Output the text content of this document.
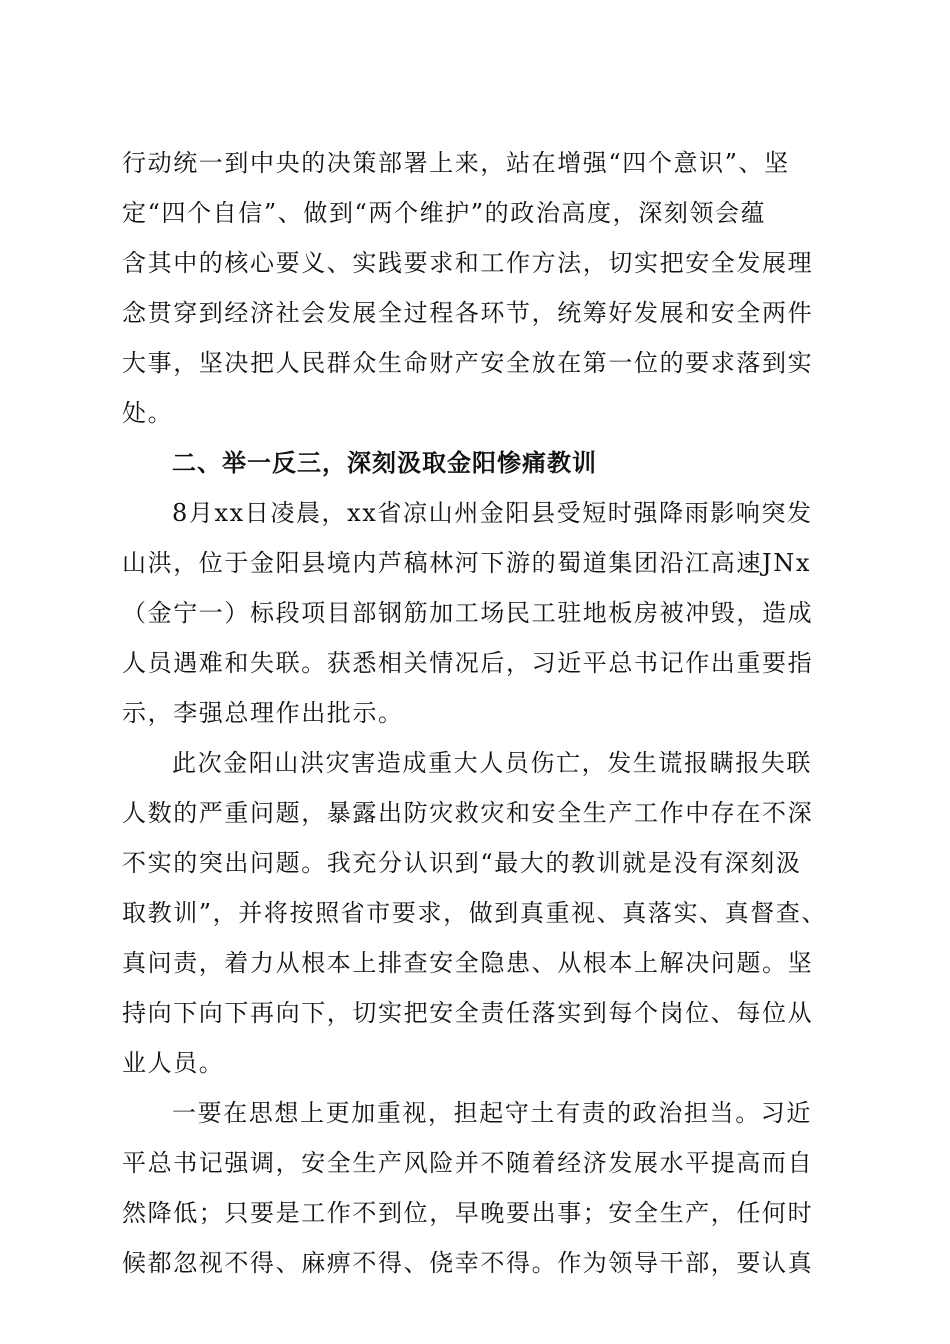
行动统一到中央的决策部署上来，站在增强“四个意识”、坚
定“四个自信”、做到“两个维护”的政治高度，深刻领会蕴
含其中的核心要义、实践要求和工作方法，切实把安全发展理
念贯穿到经济社会发展全过程各环节，统筹好发展和安全两件
大事，坚决把人民群众生命财产安全放在第一位的要求落到实
处。
二、举一反三，深刻汲取金阳惨痛教训
8月xx日凌晨，xx省凉山州金阳县受短时强降雨影响突发
山洪，位于金阳县境内芦稿林河下游的蜀道集团沿江高速JNx
（金宁一）标段项目部钢筋加工场民工驻地板房被冲毁，造成
人员遇难和失联。获悉相关情况后，习近平总书记作出重要指
示，李强总理作出批示。
此次金阳山洪灾害造成重大人员伤亡，发生谎报瞒报失联
人数的严重问题，暴露出防灾救灾和安全生产工作中存在不深
不实的突出问题。我充分认识到“最大的教训就是没有深刻汲
取教训”，并将按照省市要求，做到真重视、真落实、真督查、
真问责，着力从根本上排查安全隐患、从根本上解决问题。坚
持向下向下再向下，切实把安全责任落实到每个岗位、每位从
业人员。
一要在思想上更加重视，担起守土有责的政治担当。习近
平总书记强调，安全生产风险并不随着经济发展水平提高而自
然降低；只要是工作不到位，早晚要出事；安全生产，任何时
候都忽视不得、麻痹不得、侥幸不得。作为领导干部，要认真
